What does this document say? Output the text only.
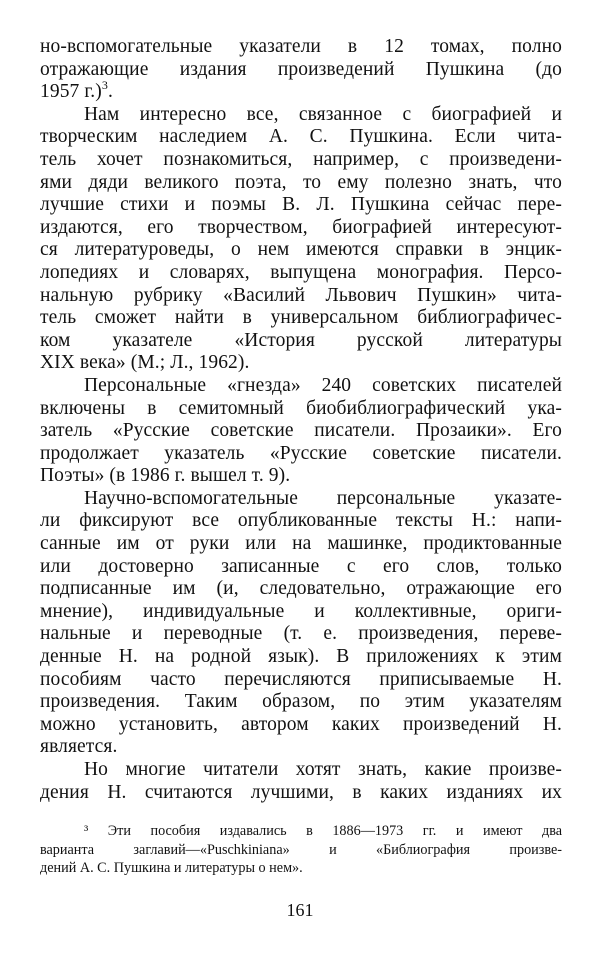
но-вспомогательные указатели в 12 томах, полно
отражающие издания произведений Пушкина (до
1957 г.)$^3$.
Нам интересно все, связанное с биографией и
творческим наследием А. С. Пушкина. Если чита-
тель хочет познакомиться, например, с произведени-
ями дяди великого поэта, то ему полезно знать, что
лучшие стихи и поэмы В. Л. Пушкина сейчас пере-
издаются, его творчеством, биографией интересуют-
ся литературоведы, о нем имеются справки в энцик-
лопедиях и словарях, выпущена монография. Персо-
нальную рубрику «Василий Львович Пушкин» чита-
тель сможет найти в универсальном библиографичес-
ком указателе «История русской литературы
XIX века» (М.; Л., 1962).
Персональные «гнезда» 240 советских писателей
включены в семитомный биобиблиографический ука-
затель «Русские советские писатели. Прозаики». Его
продолжает указатель «Русские советские писатели.
Поэты» (в 1986 г. вышел т. 9).
Научно-вспомогательные персональные указате-
ли фиксируют все опубликованные тексты Н.: напи-
санные им от руки или на машинке, продиктованные
или достоверно записанные с его слов, только
подписанные им (и, следовательно, отражающие его
мнение), индивидуальные и коллективные, ориги-
нальные и переводные (т. е. произведения, переве-
денные Н. на родной язык). В приложениях к этим
пособиям часто перечисляются приписываемые Н.
произведения. Таким образом, по этим указателям
можно установить, автором каких произведений Н.
является.
Но многие читатели хотят знать, какие произве-
дения Н. считаются лучшими, в каких изданиях их
³ Эти пособия издавались в 1886—1973 гг. и имеют два
варианта заглавий—«Puschkiniana» и «Библиография произве-
дений А. С. Пушкина и литературы о нем».
161
